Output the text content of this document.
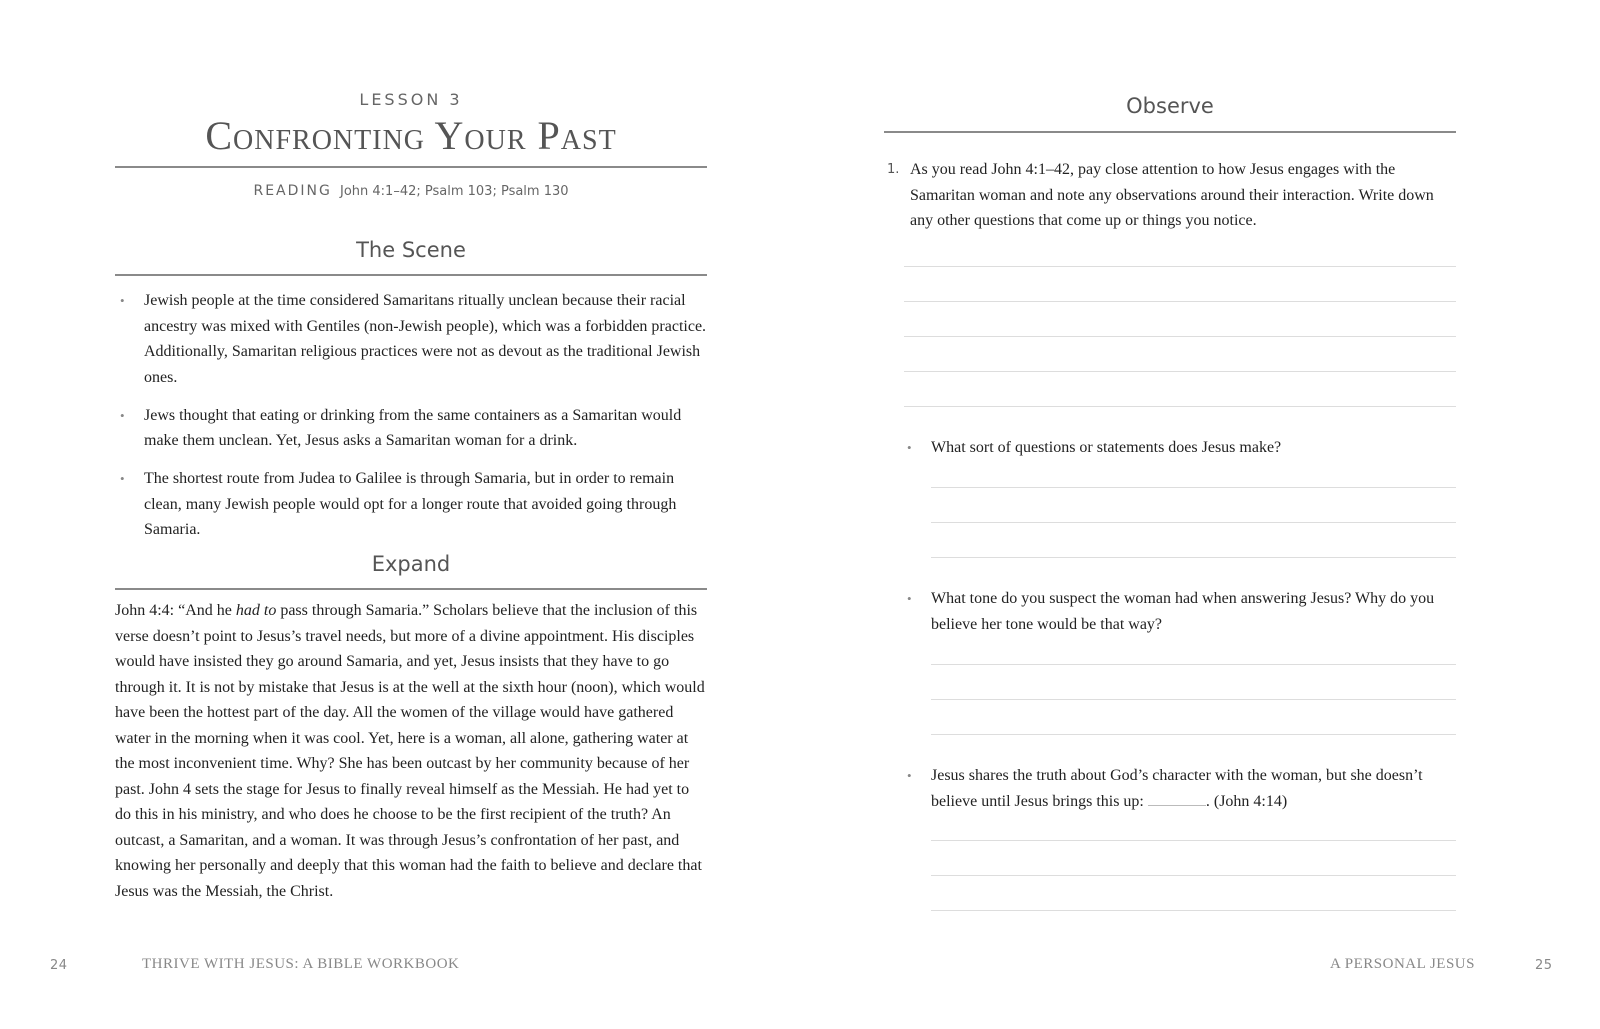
LESSON 3
Confronting Your Past
READING John 4:1–42; Psalm 103; Psalm 130
The Scene
• Jewish people at the time considered Samaritans ritually unclean because their racial ancestry was mixed with Gentiles (non-Jewish people), which was a forbidden practice. Additionally, Samaritan religious practices were not as devout as the traditional Jewish ones.
• Jews thought that eating or drinking from the same containers as a Samaritan would make them unclean. Yet, Jesus asks a Samaritan woman for a drink.
• The shortest route from Judea to Galilee is through Samaria, but in order to remain clean, many Jewish people would opt for a longer route that avoided going through Samaria.
Expand

John 4:4: “And he had to pass through Samaria.” Scholars believe that the inclusion of this verse doesn’t point to Jesus’s travel needs, but more of a divine appointment. His disciples would have insisted they go around Samaria, and yet, Jesus insists that they have to go through it. It is not by mistake that Jesus is at the well at the sixth hour (noon), which would have been the hottest part of the day. All the women of the village would have gathered water in the morning when it was cool. Yet, here is a woman, all alone, gathering water at the most inconvenient time. Why? She has been outcast by her community because of her past. John 4 sets the stage for Jesus to finally reveal himself as the Messiah. He had yet to do this in his ministry, and who does he choose to be the first recipient of the truth? An outcast, a Samaritan, and a woman. It was through Jesus’s confrontation of her past, and knowing her personally and deeply that this woman had the faith to believe and declare that Jesus was the Messiah, the Christ.

24	THRIVE WITH JESUS: A BIBLE WORKBOOK
Observe
1. As you read John 4:1–42, pay close attention to how Jesus engages with the Samaritan woman and note any observations around their interaction. Write down any other questions that come up or things you notice.
• What sort of questions or statements does Jesus make?
• What tone do you suspect the woman had when answering Jesus? Why do you believe her tone would be that way?
• Jesus shares the truth about God’s character with the woman, but she doesn’t believe until Jesus brings this up:	. (John 4:14)
A PERSONAL JESUS	25
